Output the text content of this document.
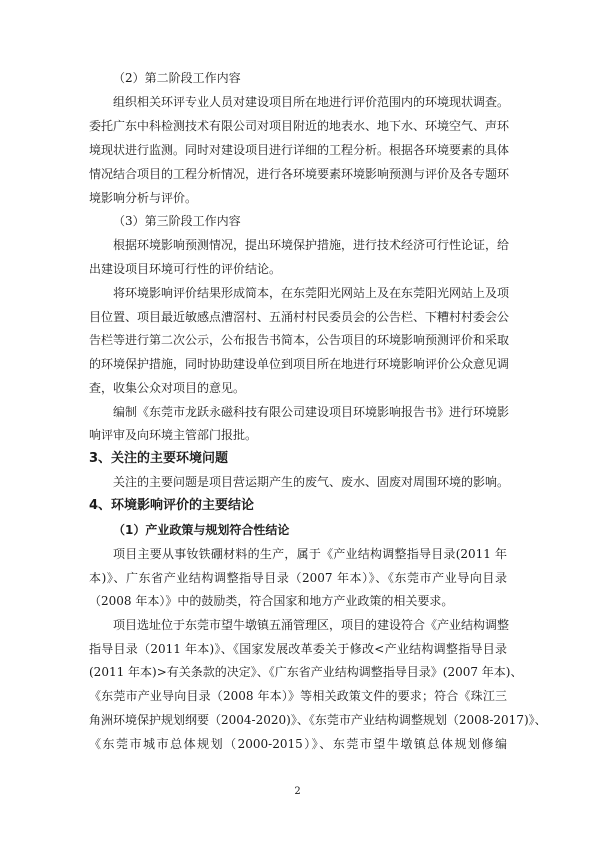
（2）第二阶段工作内容
组织相关环评专业人员对建设项目所在地进行评价范围内的环境现状调查。
委托广东中科检测技术有限公司对项目附近的地表水、地下水、环境空气、声环
境现状进行监测。同时对建设项目进行详细的工程分析。根据各环境要素的具体
情况结合项目的工程分析情况，进行各环境要素环境影响预测与评价及各专题环
境影响分析与评价。
（3）第三阶段工作内容
根据环境影响预测情况，提出环境保护措施，进行技术经济可行性论证，给
出建设项目环境可行性的评价结论。
将环境影响评价结果形成简本，在东莞阳光网站上及在东莞阳光网站上及项
目位置、项目最近敏感点漕滘村、五涌村村民委员会的公告栏、下糟村村委会公
告栏等进行第二次公示，公布报告书简本，公告项目的环境影响预测评价和采取
的环境保护措施，同时协助建设单位到项目所在地进行环境影响评价公众意见调
查，收集公众对项目的意见。
编制《东莞市龙跃永磁科技有限公司建设项目环境影响报告书》进行环境影
响评审及向环境主管部门报批。
3、关注的主要环境问题
关注的主要问题是项目营运期产生的废气、废水、固废对周围环境的影响。
4、环境影响评价的主要结论
（1）产业政策与规划符合性结论
项目主要从事钕铁硼材料的生产，属于《产业结构调整指导目录(2011 年
本)》、广东省产业结构调整指导目录（2007 年本）》、《东莞市产业导向目录
（2008 年本）》中的鼓励类，符合国家和地方产业政策的相关要求。
项目选址位于东莞市望牛墩镇五涌管理区，项目的建设符合《产业结构调整
指导目录（2011 年本)》、《国家发展改革委关于修改<产业结构调整指导目录
(2011 年本)>有关条款的决定》、《广东省产业结构调整指导目录》(2007 年本)、
《东莞市产业导向目录（2008 年本）》等相关政策文件的要求；符合《珠江三
角洲环境保护规划纲要（2004-2020)》、《东莞市产业结构调整规划（2008-2017)》、
《东莞市城市总体规划（2000-2015）》、东莞市望牛墩镇总体规划修编
2
